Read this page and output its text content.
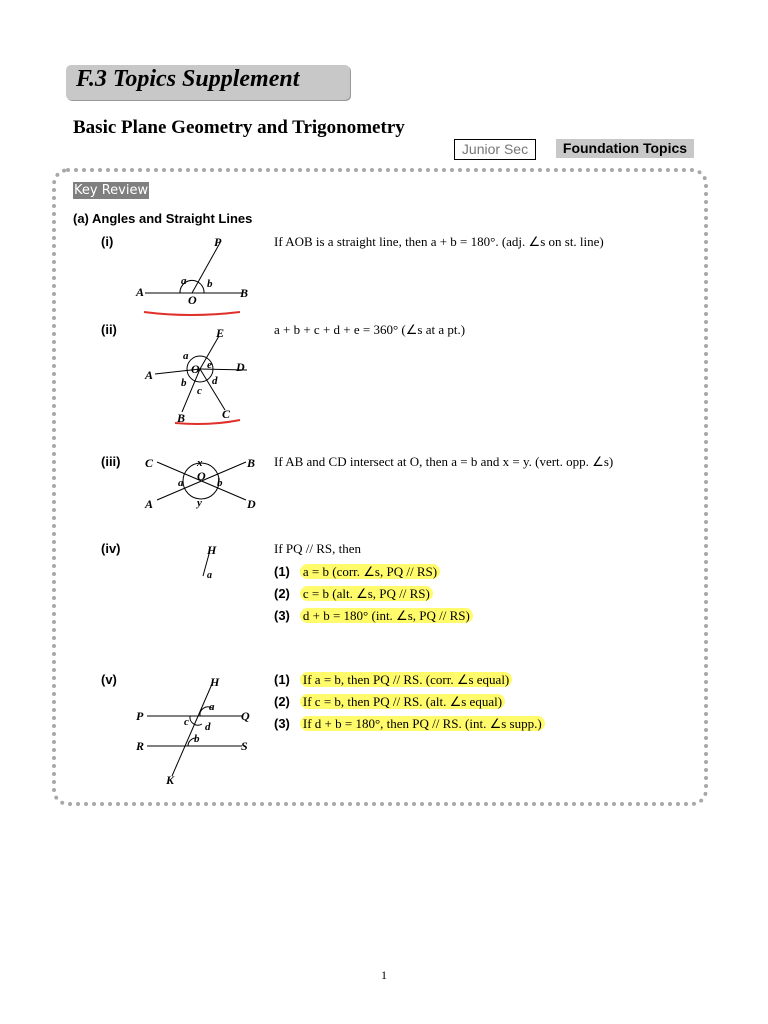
F.3 Topics Supplement
Basic Plane Geometry and Trigonometry
Junior Sec	Foundation Topics
Key Review
(a) Angles and Straight Lines
(i)	If AOB is a straight line, then a + b = 180°. (adj. ∠s on st. line)
P
A	B
O
a b
(ii)	a + b + c + d + e = 360° (∠s at a pt.)
E
A
D
O
a
e
b d
c
B	C
(iii)	If AB and CD intersect at O, then a = b and x = y. (vert. opp. ∠s)
C	B
A	D
O
x
y
a	b
(iv)	If PQ // RS, then
(1) a = b (corr. ∠s, PQ // RS)
(2) c = b (alt. ∠s, PQ // RS)
(3) d + b = 180° (int. ∠s, PQ // RS)
H
a
(v)	(1) If a = b, then PQ // RS. (corr. ∠s equal)
(2) If c = b, then PQ // RS. (alt. ∠s equal)
(3) If d + b = 180°, then PQ // RS. (int. ∠s supp.)
H
P	Q
R	S
K
a
c d
b
1
